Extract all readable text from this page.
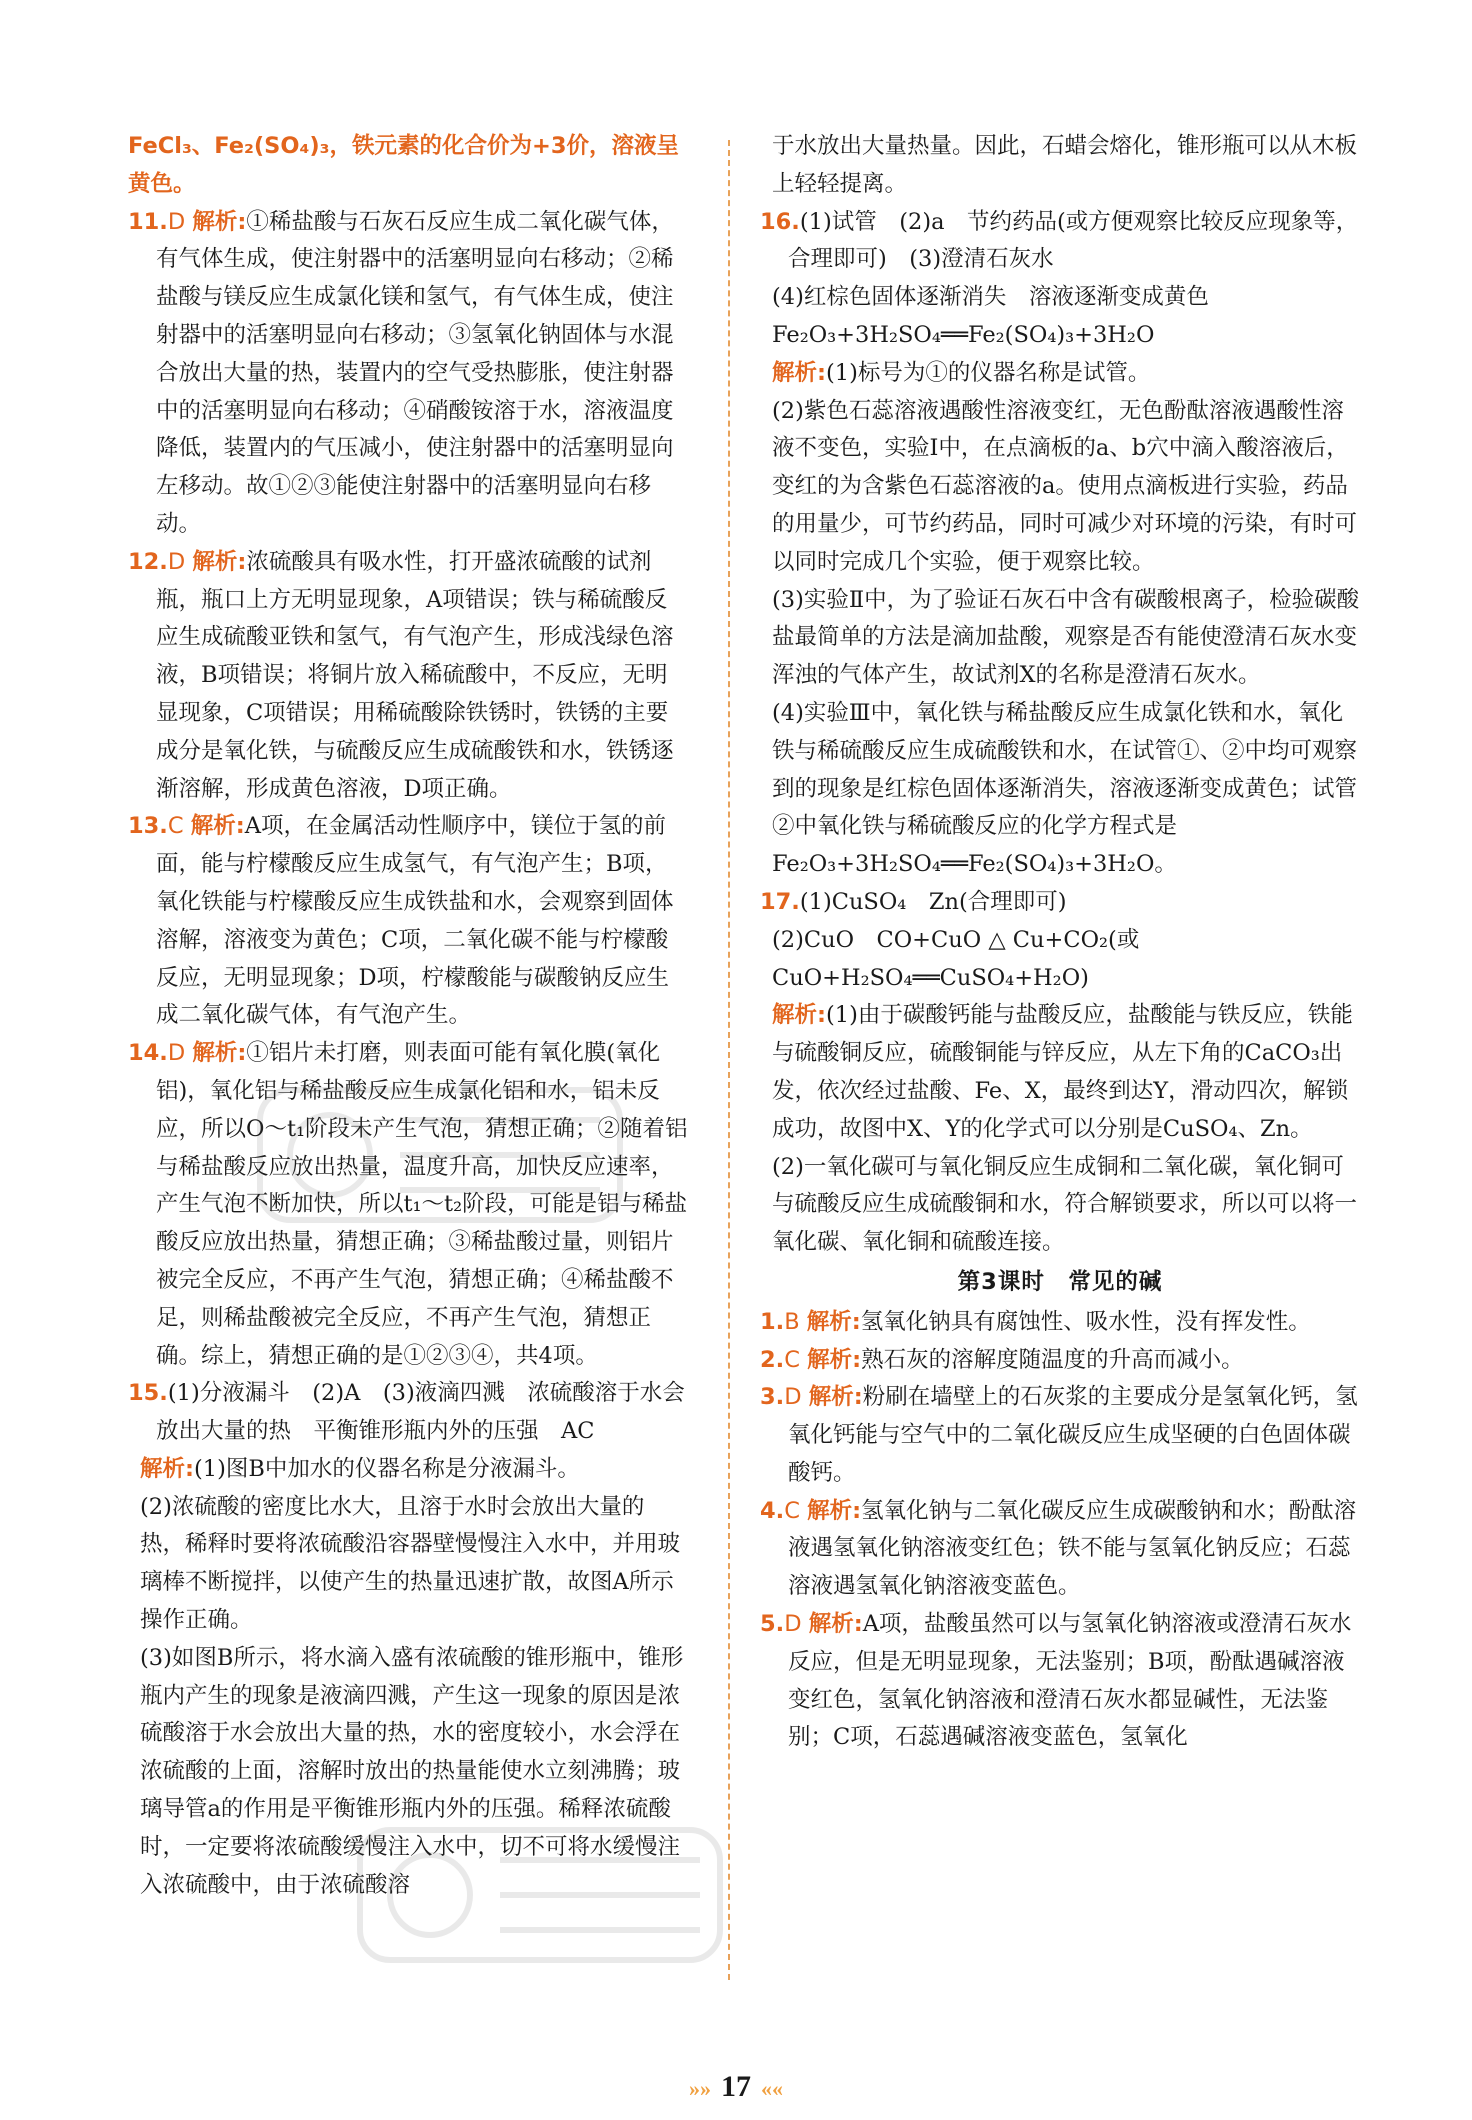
FeCl₃、Fe₂(SO₄)₃，铁元素的化合价为+3价，溶液呈黄色。

11.D 解析:①稀盐酸与石灰石反应生成二氧化碳气体，有气体生成，使注射器中的活塞明显向右移动；②稀盐酸与镁反应生成氯化镁和氢气，有气体生成，使注射器中的活塞明显向右移动；③氢氧化钠固体与水混合放出大量的热，装置内的空气受热膨胀，使注射器中的活塞明显向右移动；④硝酸铵溶于水，溶液温度降低，装置内的气压减小，使注射器中的活塞明显向左移动。故①②③能使注射器中的活塞明显向右移动。

12.D 解析:浓硫酸具有吸水性，打开盛浓硫酸的试剂瓶，瓶口上方无明显现象，A项错误；铁与稀硫酸反应生成硫酸亚铁和氢气，有气泡产生，形成浅绿色溶液，B项错误；将铜片放入稀硫酸中，不反应，无明显现象，C项错误；用稀硫酸除铁锈时，铁锈的主要成分是氧化铁，与硫酸反应生成硫酸铁和水，铁锈逐渐溶解，形成黄色溶液，D项正确。

13.C 解析:A项，在金属活动性顺序中，镁位于氢的前面，能与柠檬酸反应生成氢气，有气泡产生；B项，氧化铁能与柠檬酸反应生成铁盐和水，会观察到固体溶解，溶液变为黄色；C项，二氧化碳不能与柠檬酸反应，无明显现象；D项，柠檬酸能与碳酸钠反应生成二氧化碳气体，有气泡产生。

14.D 解析:①铝片未打磨，则表面可能有氧化膜(氧化铝)，氧化铝与稀盐酸反应生成氯化铝和水，铝未反应，所以O～t₁阶段未产生气泡，猜想正确；②随着铝与稀盐酸反应放出热量，温度升高，加快反应速率，产生气泡不断加快，所以t₁～t₂阶段，可能是铝与稀盐酸反应放出热量，猜想正确；③稀盐酸过量，则铝片被完全反应，不再产生气泡，猜想正确；④稀盐酸不足，则稀盐酸被完全反应，不再产生气泡，猜想正确。综上，猜想正确的是①②③④，共4项。

15.(1)分液漏斗　(2)A　(3)液滴四溅　浓硫酸溶于水会放出大量的热　平衡锥形瓶内外的压强　AC

解析:(1)图B中加水的仪器名称是分液漏斗。

(2)浓硫酸的密度比水大，且溶于水时会放出大量的热，稀释时要将浓硫酸沿容器壁慢慢注入水中，并用玻璃棒不断搅拌，以使产生的热量迅速扩散，故图A所示操作正确。

(3)如图B所示，将水滴入盛有浓硫酸的锥形瓶中，锥形瓶内产生的现象是液滴四溅，产生这一现象的原因是浓硫酸溶于水会放出大量的热，水的密度较小，水会浮在浓硫酸的上面，溶解时放出的热量能使水立刻沸腾；玻璃导管a的作用是平衡锥形瓶内外的压强。稀释浓硫酸时，一定要将浓硫酸缓慢注入水中，切不可将水缓慢注入浓硫酸中，由于浓硫酸溶

于水放出大量热量。因此，石蜡会熔化，锥形瓶可以从木板上轻轻提离。

16.(1)试管　(2)a　节约药品(或方便观察比较反应现象等，合理即可)　(3)澄清石灰水

(4)红棕色固体逐渐消失　溶液逐渐变成黄色

Fe₂O₃+3H₂SO₄══Fe₂(SO₄)₃+3H₂O

解析:(1)标号为①的仪器名称是试管。

(2)紫色石蕊溶液遇酸性溶液变红，无色酚酞溶液遇酸性溶液不变色，实验Ⅰ中，在点滴板的a、b穴中滴入酸溶液后，变红的为含紫色石蕊溶液的a。使用点滴板进行实验，药品的用量少，可节约药品，同时可减少对环境的污染，有时可以同时完成几个实验，便于观察比较。

(3)实验Ⅱ中，为了验证石灰石中含有碳酸根离子，检验碳酸盐最简单的方法是滴加盐酸，观察是否有能使澄清石灰水变浑浊的气体产生，故试剂X的名称是澄清石灰水。

(4)实验Ⅲ中，氧化铁与稀盐酸反应生成氯化铁和水，氧化铁与稀硫酸反应生成硫酸铁和水，在试管①、②中均可观察到的现象是红棕色固体逐渐消失，溶液逐渐变成黄色；试管②中氧化铁与稀硫酸反应的化学方程式是Fe₂O₃+3H₂SO₄══Fe₂(SO₄)₃+3H₂O。

17.(1)CuSO₄　Zn(合理即可)

(2)CuO　CO+CuO △ Cu+CO₂(或CuO+H₂SO₄══CuSO₄+H₂O)

解析:(1)由于碳酸钙能与盐酸反应，盐酸能与铁反应，铁能与硫酸铜反应，硫酸铜能与锌反应，从左下角的CaCO₃出发，依次经过盐酸、Fe、X，最终到达Y，滑动四次，解锁成功，故图中X、Y的化学式可以分别是CuSO₄、Zn。

(2)一氧化碳可与氧化铜反应生成铜和二氧化碳，氧化铜可与硫酸反应生成硫酸铜和水，符合解锁要求，所以可以将一氧化碳、氧化铜和硫酸连接。

第3课时　常见的碱

1.B 解析:氢氧化钠具有腐蚀性、吸水性，没有挥发性。

2.C 解析:熟石灰的溶解度随温度的升高而减小。

3.D 解析:粉刷在墙壁上的石灰浆的主要成分是氢氧化钙，氢氧化钙能与空气中的二氧化碳反应生成坚硬的白色固体碳酸钙。

4.C 解析:氢氧化钠与二氧化碳反应生成碳酸钠和水；酚酞溶液遇氢氧化钠溶液变红色；铁不能与氢氧化钠反应；石蕊溶液遇氢氧化钠溶液变蓝色。

5.D 解析:A项，盐酸虽然可以与氢氧化钠溶液或澄清石灰水反应，但是无明显现象，无法鉴别；B项，酚酞遇碱溶液变红色，氢氧化钠溶液和澄清石灰水都显碱性，无法鉴别；C项，石蕊遇碱溶液变蓝色，氢氧化

»» 17 ««
